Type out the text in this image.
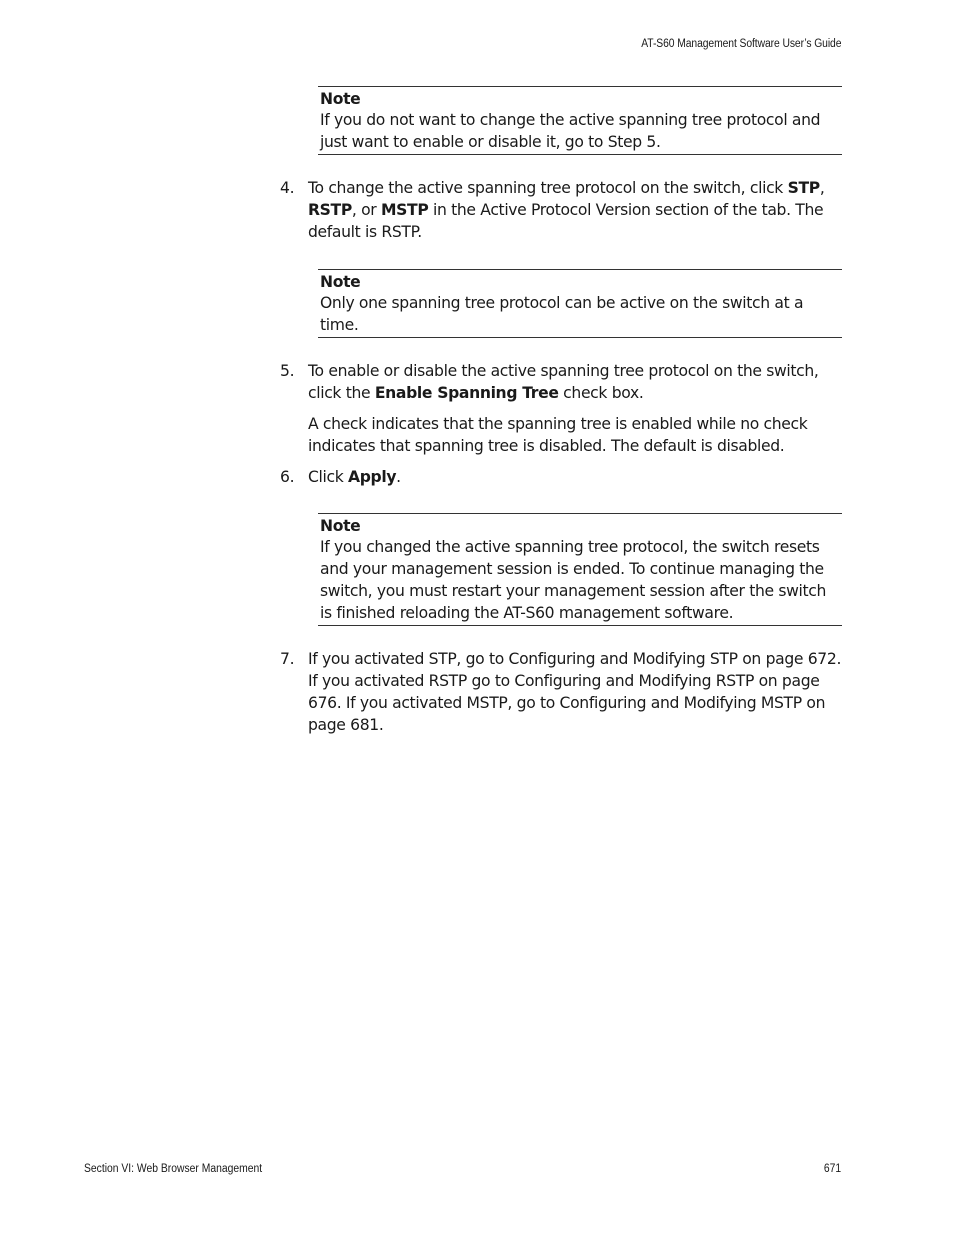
AT-S60 Management Software User’s Guide
Note
If you do not want to change the active spanning tree protocol and just want to enable or disable it, go to Step 5.
4. To change the active spanning tree protocol on the switch, click STP, RSTP, or MSTP in the Active Protocol Version section of the tab. The default is RSTP.
Note
Only one spanning tree protocol can be active on the switch at a time.
5. To enable or disable the active spanning tree protocol on the switch, click the Enable Spanning Tree check box.
A check indicates that the spanning tree is enabled while no check indicates that spanning tree is disabled. The default is disabled.
6. Click Apply.
Note
If you changed the active spanning tree protocol, the switch resets and your management session is ended. To continue managing the switch, you must restart your management session after the switch is finished reloading the AT-S60 management software.
7. If you activated STP, go to Configuring and Modifying STP on page 672. If you activated RSTP go to Configuring and Modifying RSTP on page 676. If you activated MSTP, go to Configuring and Modifying MSTP on page 681.
Section VI: Web Browser Management	671
